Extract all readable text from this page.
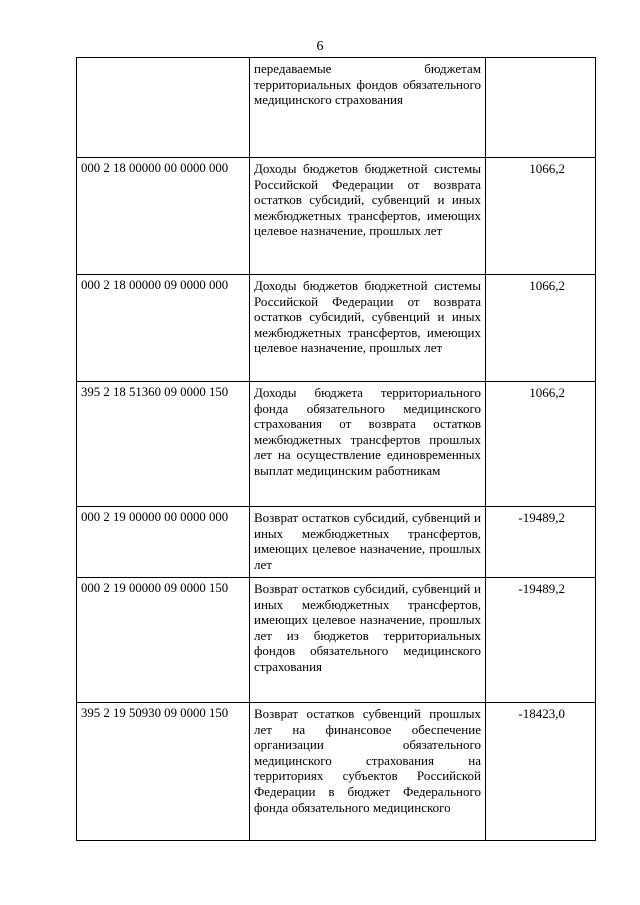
6
	передаваемые бюджетам территориальных фондов обязательного медицинского страхования	
000 2 18 00000 00 0000 000	Доходы бюджетов бюджетной системы Российской Федерации от возврата остатков субсидий, субвенций и иных межбюджетных трансфертов, имеющих целевое назначение, прошлых лет	1066,2
000 2 18 00000 09 0000 000	Доходы бюджетов бюджетной системы Российской Федерации от возврата остатков субсидий, субвенций и иных межбюджетных трансфертов, имеющих целевое назначение, прошлых лет	1066,2
395 2 18 51360 09 0000 150	Доходы бюджета территориального фонда обязательного медицинского страхования от возврата остатков межбюджетных трансфертов прошлых лет на осуществление единовременных выплат медицинским работникам	1066,2
000 2 19 00000 00 0000 000	Возврат остатков субсидий, субвенций и иных межбюджетных трансфертов, имеющих целевое назначение, прошлых лет	-19489,2
000 2 19 00000 09 0000 150	Возврат остатков субсидий, субвенций и иных межбюджетных трансфертов, имеющих целевое назначение, прошлых лет из бюджетов территориальных фондов обязательного медицинского страхования	-19489,2
395 2 19 50930 09 0000 150	Возврат остатков субвенций прошлых лет на финансовое обеспечение организации обязательного медицинского страхования на территориях субъектов Российской Федерации в бюджет Федерального фонда обязательного медицинского	-18423,0
